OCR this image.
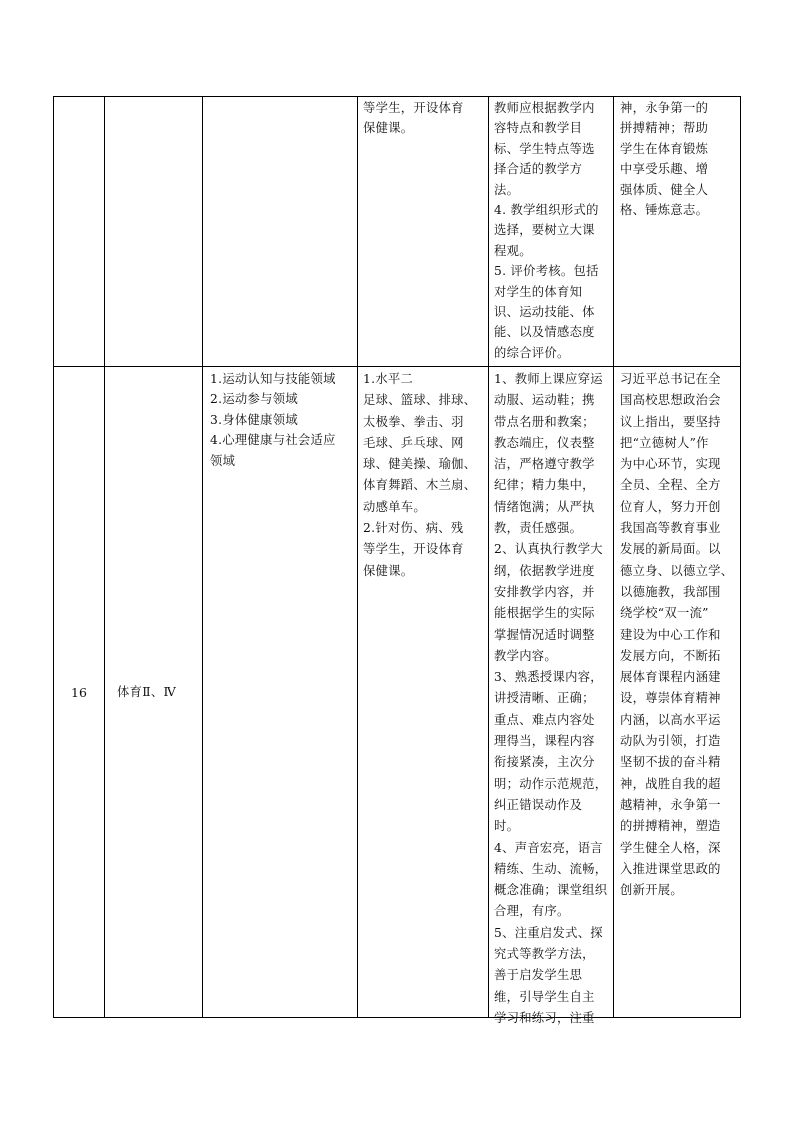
等学生，开设体育

保健课。

教师应根据教学内

容特点和教学目

标、学生特点等选

择合适的教学方

法。

4. 教学组织形式的

选择，要树立大课

程观。

5. 评价考核。包括

对学生的体育知

识、运动技能、体

能、以及情感态度

的综合评价。

神，永争第一的

拼搏精神；帮助

学生在体育锻炼

中享受乐趣、增

强体质、健全人

格、锤炼意志。

16 体育Ⅱ、Ⅳ

1.运动认知与技能领域

2.运动参与领域

3.身体健康领域

4.心理健康与社会适应

领域

1.水平二

足球、篮球、排球、

太极拳、拳击、羽

毛球、乒乓球、网

球、健美操、瑜伽、

体育舞蹈、木兰扇、

动感单车。

2.针对伤、病、残

等学生，开设体育

保健课。

1、教师上课应穿运

动服、运动鞋；携

带点名册和教案；

教态端庄，仪表整

洁，严格遵守教学

纪律；精力集中，

情绪饱满；从严执

教，责任感强。

2、认真执行教学大

纲，依据教学进度

安排教学内容，并

能根据学生的实际

掌握情况适时调整

教学内容。

3、熟悉授课内容，

讲授清晰、正确；

重点、难点内容处

理得当，课程内容

衔接紧凑，主次分

明；动作示范规范，

纠正错误动作及

时。

4、声音宏亮，语言

精练、生动、流畅，

概念准确；课堂组织

合理，有序。

5、注重启发式、探

究式等教学方法，

善于启发学生思

维，引导学生自主

学习和练习，注重

习近平总书记在全

国高校思想政治会

议上指出，要坚持

把“立德树人”作

为中心环节，实现

全员、全程、全方

位育人，努力开创

我国高等教育事业

发展的新局面。以

德立身、以德立学、

以德施教，我部围

绕学校“双一流”

建设为中心工作和

发展方向，不断拓

展体育课程内涵建

设，尊崇体育精神

内涵，以高水平运

动队为引领，打造

坚韧不拔的奋斗精

神，战胜自我的超

越精神，永争第一

的拼搏精神，塑造

学生健全人格，深

入推进课堂思政的

创新开展。
